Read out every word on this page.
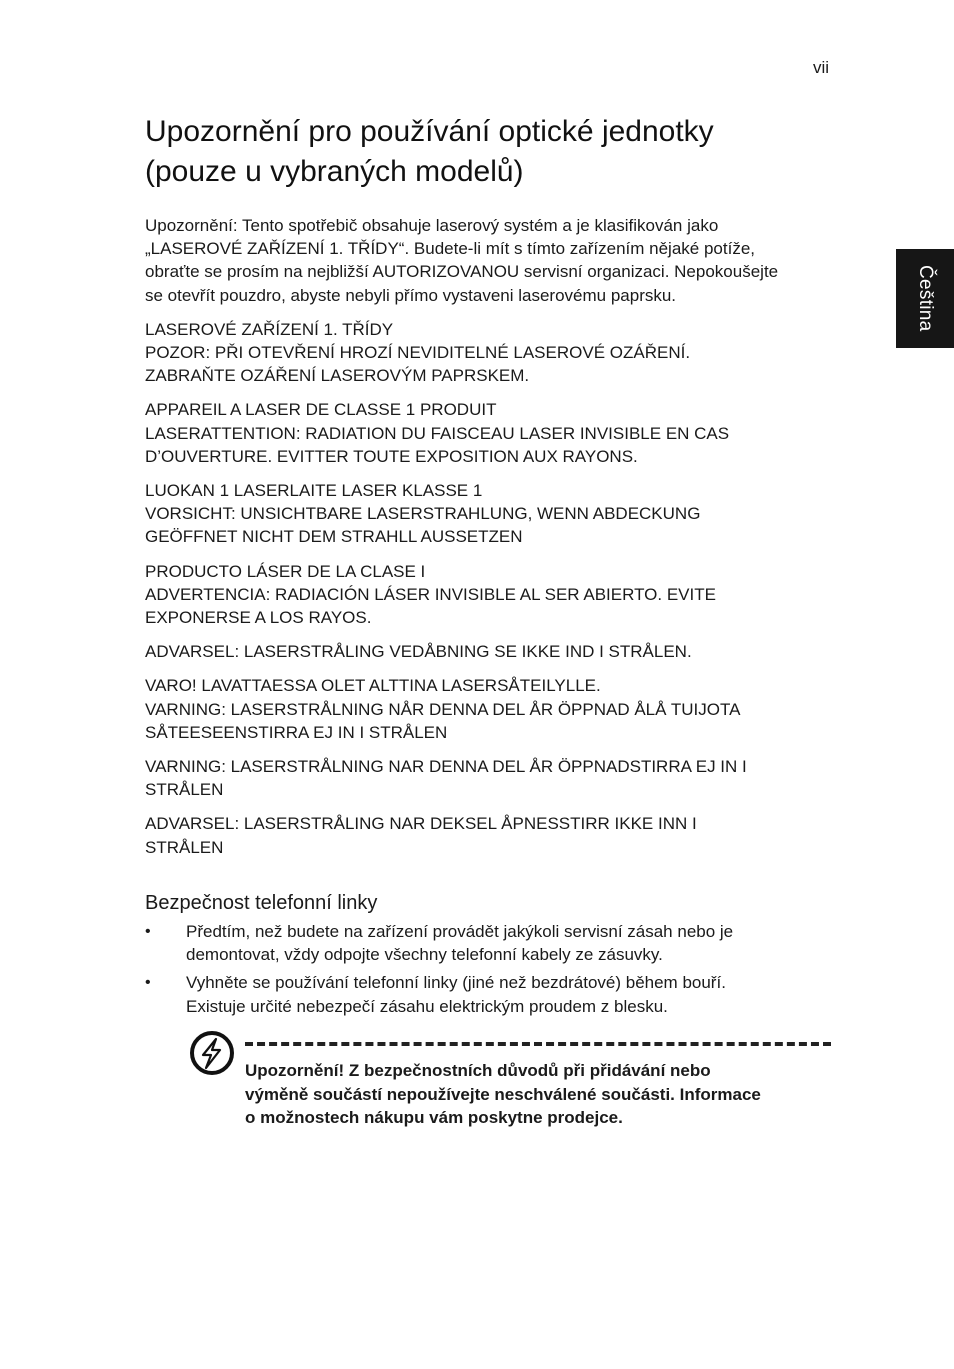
vii
Čeština
Upozornění pro používání optické jednotky
(pouze u vybraných modelů)

Upozornění: Tento spotřebič obsahuje laserový systém a je klasifikován jako
„LASEROVÉ ZAŘÍZENÍ 1. TŘÍDY“. Budete-li mít s tímto zařízením nějaké potíže,
obraťte se prosím na nejbližší AUTORIZOVANOU servisní organizaci. Nepokoušejte
se otevřít pouzdro, abyste nebyli přímo vystaveni laserovému paprsku.

LASEROVÉ ZAŘÍZENÍ 1. TŘÍDY
POZOR: PŘI OTEVŘENÍ HROZÍ NEVIDITELNÉ LASEROVÉ OZÁŘENÍ.
ZABRAŇTE OZÁŘENÍ LASEROVÝM PAPRSKEM.

APPAREIL A LASER DE CLASSE 1 PRODUIT
LASERATTENTION: RADIATION DU FAISCEAU LASER INVISIBLE EN CAS
D’OUVERTURE. EVITTER TOUTE EXPOSITION AUX RAYONS.

LUOKAN 1 LASERLAITE LASER KLASSE 1
VORSICHT: UNSICHTBARE LASERSTRAHLUNG, WENN ABDECKUNG
GEÖFFNET NICHT DEM STRAHLL AUSSETZEN

PRODUCTO LÁSER DE LA CLASE I
ADVERTENCIA: RADIACIÓN LÁSER INVISIBLE AL SER ABIERTO. EVITE
EXPONERSE A LOS RAYOS.

ADVARSEL: LASERSTRÅLING VEDÅBNING SE IKKE IND I STRÅLEN.

VARO! LAVATTAESSA OLET ALTTINA LASERSÅTEILYLLE.
VARNING: LASERSTRÅLNING NÅR DENNA DEL ÅR ÖPPNAD ÅLÅ TUIJOTA
SÅTEESEENSTIRRA EJ IN I STRÅLEN

VARNING: LASERSTRÅLNING NAR DENNA DEL ÅR ÖPPNADSTIRRA EJ IN I
STRÅLEN

ADVARSEL: LASERSTRÅLING NAR DEKSEL ÅPNESSTIRR IKKE INN I
STRÅLEN

Bezpečnost telefonní linky
• Předtím, než budete na zařízení provádět jakýkoli servisní zásah nebo je
demontovat, vždy odpojte všechny telefonní kabely ze zásuvky.
• Vyhněte se používání telefonní linky (jiné než bezdrátové) během bouří.
Existuje určité nebezpečí zásahu elektrickým proudem z blesku.
Upozornění! Z bezpečnostních důvodů při přidávání nebo
výměně součástí nepoužívejte neschválené součásti. Informace
o možnostech nákupu vám poskytne prodejce.
